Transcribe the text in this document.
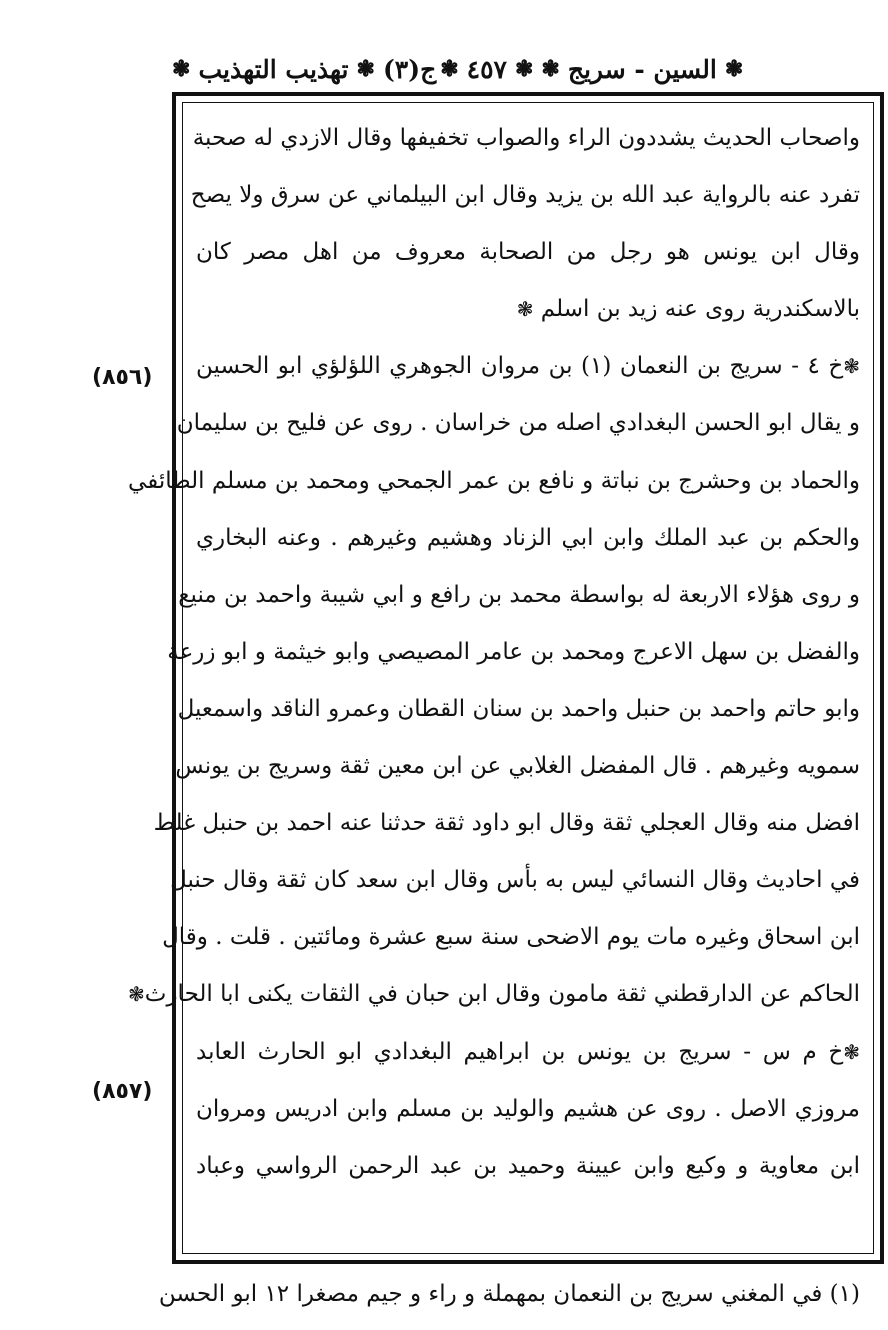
ج(٣)
❃
تهذيب التهذيب
❃	❃
٤٥٧
❃	❃
السين - سريج
❃
واصحاب الحديث يشددون الراء والصواب تخفيفها وقال الازدي له صحبة
تفرد عنه بالرواية عبد الله بن يزيد وقال ابن البيلماني عن سرق ولا يصح
وقال ابن يونس هو رجل من الصحابة معروف من اهل مصر كان
بالاسكندرية روى عنه زيد بن اسلم ❃
❃خ ٤ - سريج بن النعمان (١) بن مروان الجوهري اللؤلؤي ابو الحسين
و يقال ابو الحسن البغدادي اصله من خراسان . روى عن فليح بن سليمان
والحماد بن وحشرج بن نباتة و نافع بن عمر الجمحي ومحمد بن مسلم الطائفي
والحكم بن عبد الملك وابن ابي الزناد وهشيم وغيرهم . وعنه البخاري
و روى هؤلاء الاربعة له بواسطة محمد بن رافع و ابي شيبة واحمد بن منيع
والفضل بن سهل الاعرج ومحمد بن عامر المصيصي وابو خيثمة و ابو زرعة
وابو حاتم واحمد بن حنبل واحمد بن سنان القطان وعمرو الناقد واسمعيل
سمويه وغيرهم . قال المفضل الغلابي عن ابن معين ثقة وسريج بن يونس
افضل منه وقال العجلي ثقة وقال ابو داود ثقة حدثنا عنه احمد بن حنبل غلط
في احاديث وقال النسائي ليس به بأس وقال ابن سعد كان ثقة وقال حنبل
ابن اسحاق وغيره مات يوم الاضحى سنة سبع عشرة ومائتين . قلت . وقال
الحاكم عن الدارقطني ثقة مامون وقال ابن حبان في الثقات يكنى ابا الحارث❃
❃خ م س - سريج بن يونس بن ابراهيم البغدادي ابو الحارث العابد
مروزي الاصل . روى عن هشيم والوليد بن مسلم وابن ادريس ومروان
ابن معاوية و وكيع وابن عيينة وحميد بن عبد الرحمن الرواسي وعباد
(٨٥٦)
(٨٥٧)
(١) في المغني سريج بن النعمان بمهملة و راء و جيم مصغرا ١٢ ابو الحسن
